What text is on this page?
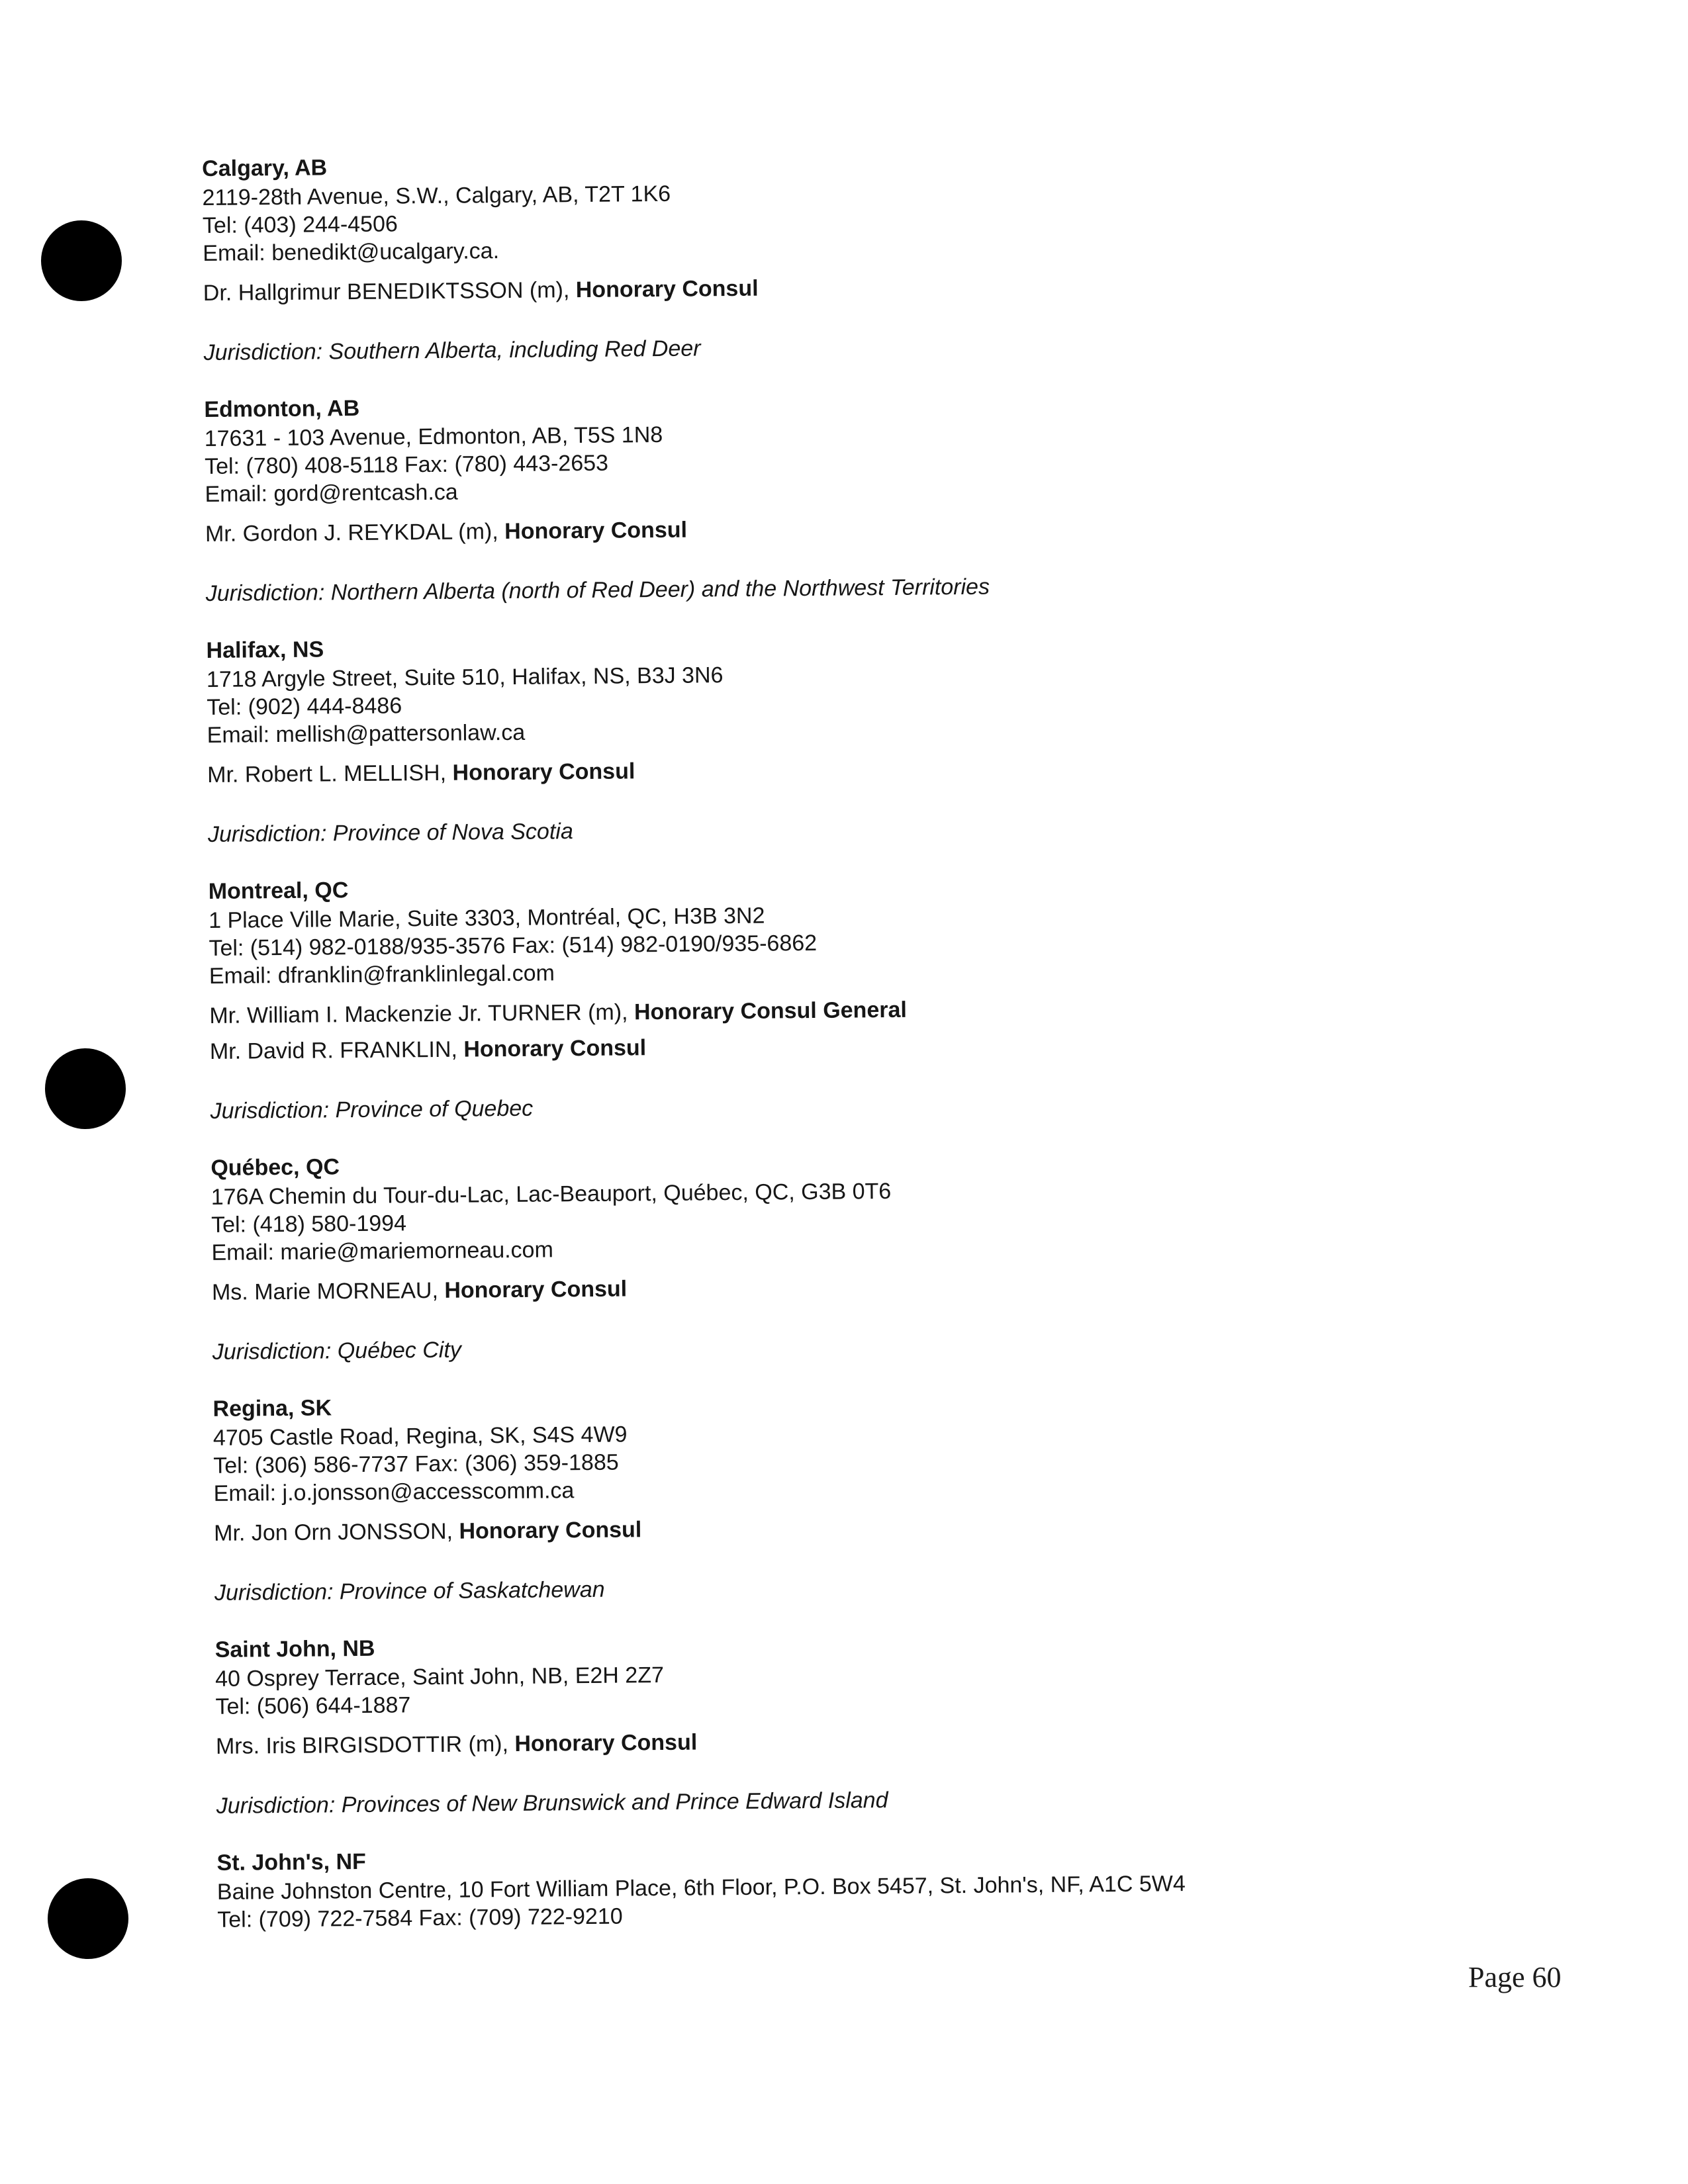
Calgary, AB
2119-28th Avenue, S.W., Calgary, AB, T2T 1K6
Tel: (403) 244-4506
Email: benedikt@ucalgary.ca.
Dr. Hallgrimur BENEDIKTSSON (m), Honorary Consul
Jurisdiction: Southern Alberta, including Red Deer
Edmonton, AB
17631 - 103 Avenue, Edmonton, AB, T5S 1N8
Tel: (780) 408-5118 Fax: (780) 443-2653
Email: gord@rentcash.ca
Mr. Gordon J. REYKDAL (m), Honorary Consul
Jurisdiction: Northern Alberta (north of Red Deer) and the Northwest Territories
Halifax, NS
1718 Argyle Street, Suite 510, Halifax, NS, B3J 3N6
Tel: (902) 444-8486
Email: mellish@pattersonlaw.ca
Mr. Robert L. MELLISH, Honorary Consul
Jurisdiction: Province of Nova Scotia
Montreal, QC
1 Place Ville Marie, Suite 3303, Montréal, QC, H3B 3N2
Tel: (514) 982-0188/935-3576 Fax: (514) 982-0190/935-6862
Email: dfranklin@franklinlegal.com
Mr. William I. Mackenzie Jr. TURNER (m), Honorary Consul General
Mr. David R. FRANKLIN, Honorary Consul
Jurisdiction: Province of Quebec
Québec, QC
176A Chemin du Tour-du-Lac, Lac-Beauport, Québec, QC, G3B 0T6
Tel: (418) 580-1994
Email: marie@mariemorneau.com
Ms. Marie MORNEAU, Honorary Consul
Jurisdiction: Québec City
Regina, SK
4705 Castle Road, Regina, SK, S4S 4W9
Tel: (306) 586-7737 Fax: (306) 359-1885
Email: j.o.jonsson@accesscomm.ca
Mr. Jon Orn JONSSON, Honorary Consul
Jurisdiction: Province of Saskatchewan
Saint John, NB
40 Osprey Terrace, Saint John, NB, E2H 2Z7
Tel: (506) 644-1887
Mrs. Iris BIRGISDOTTIR (m), Honorary Consul
Jurisdiction: Provinces of New Brunswick and Prince Edward Island
St. John's, NF
Baine Johnston Centre, 10 Fort William Place, 6th Floor, P.O. Box 5457, St. John's, NF, A1C 5W4
Tel: (709) 722-7584 Fax: (709) 722-9210
Page 60
